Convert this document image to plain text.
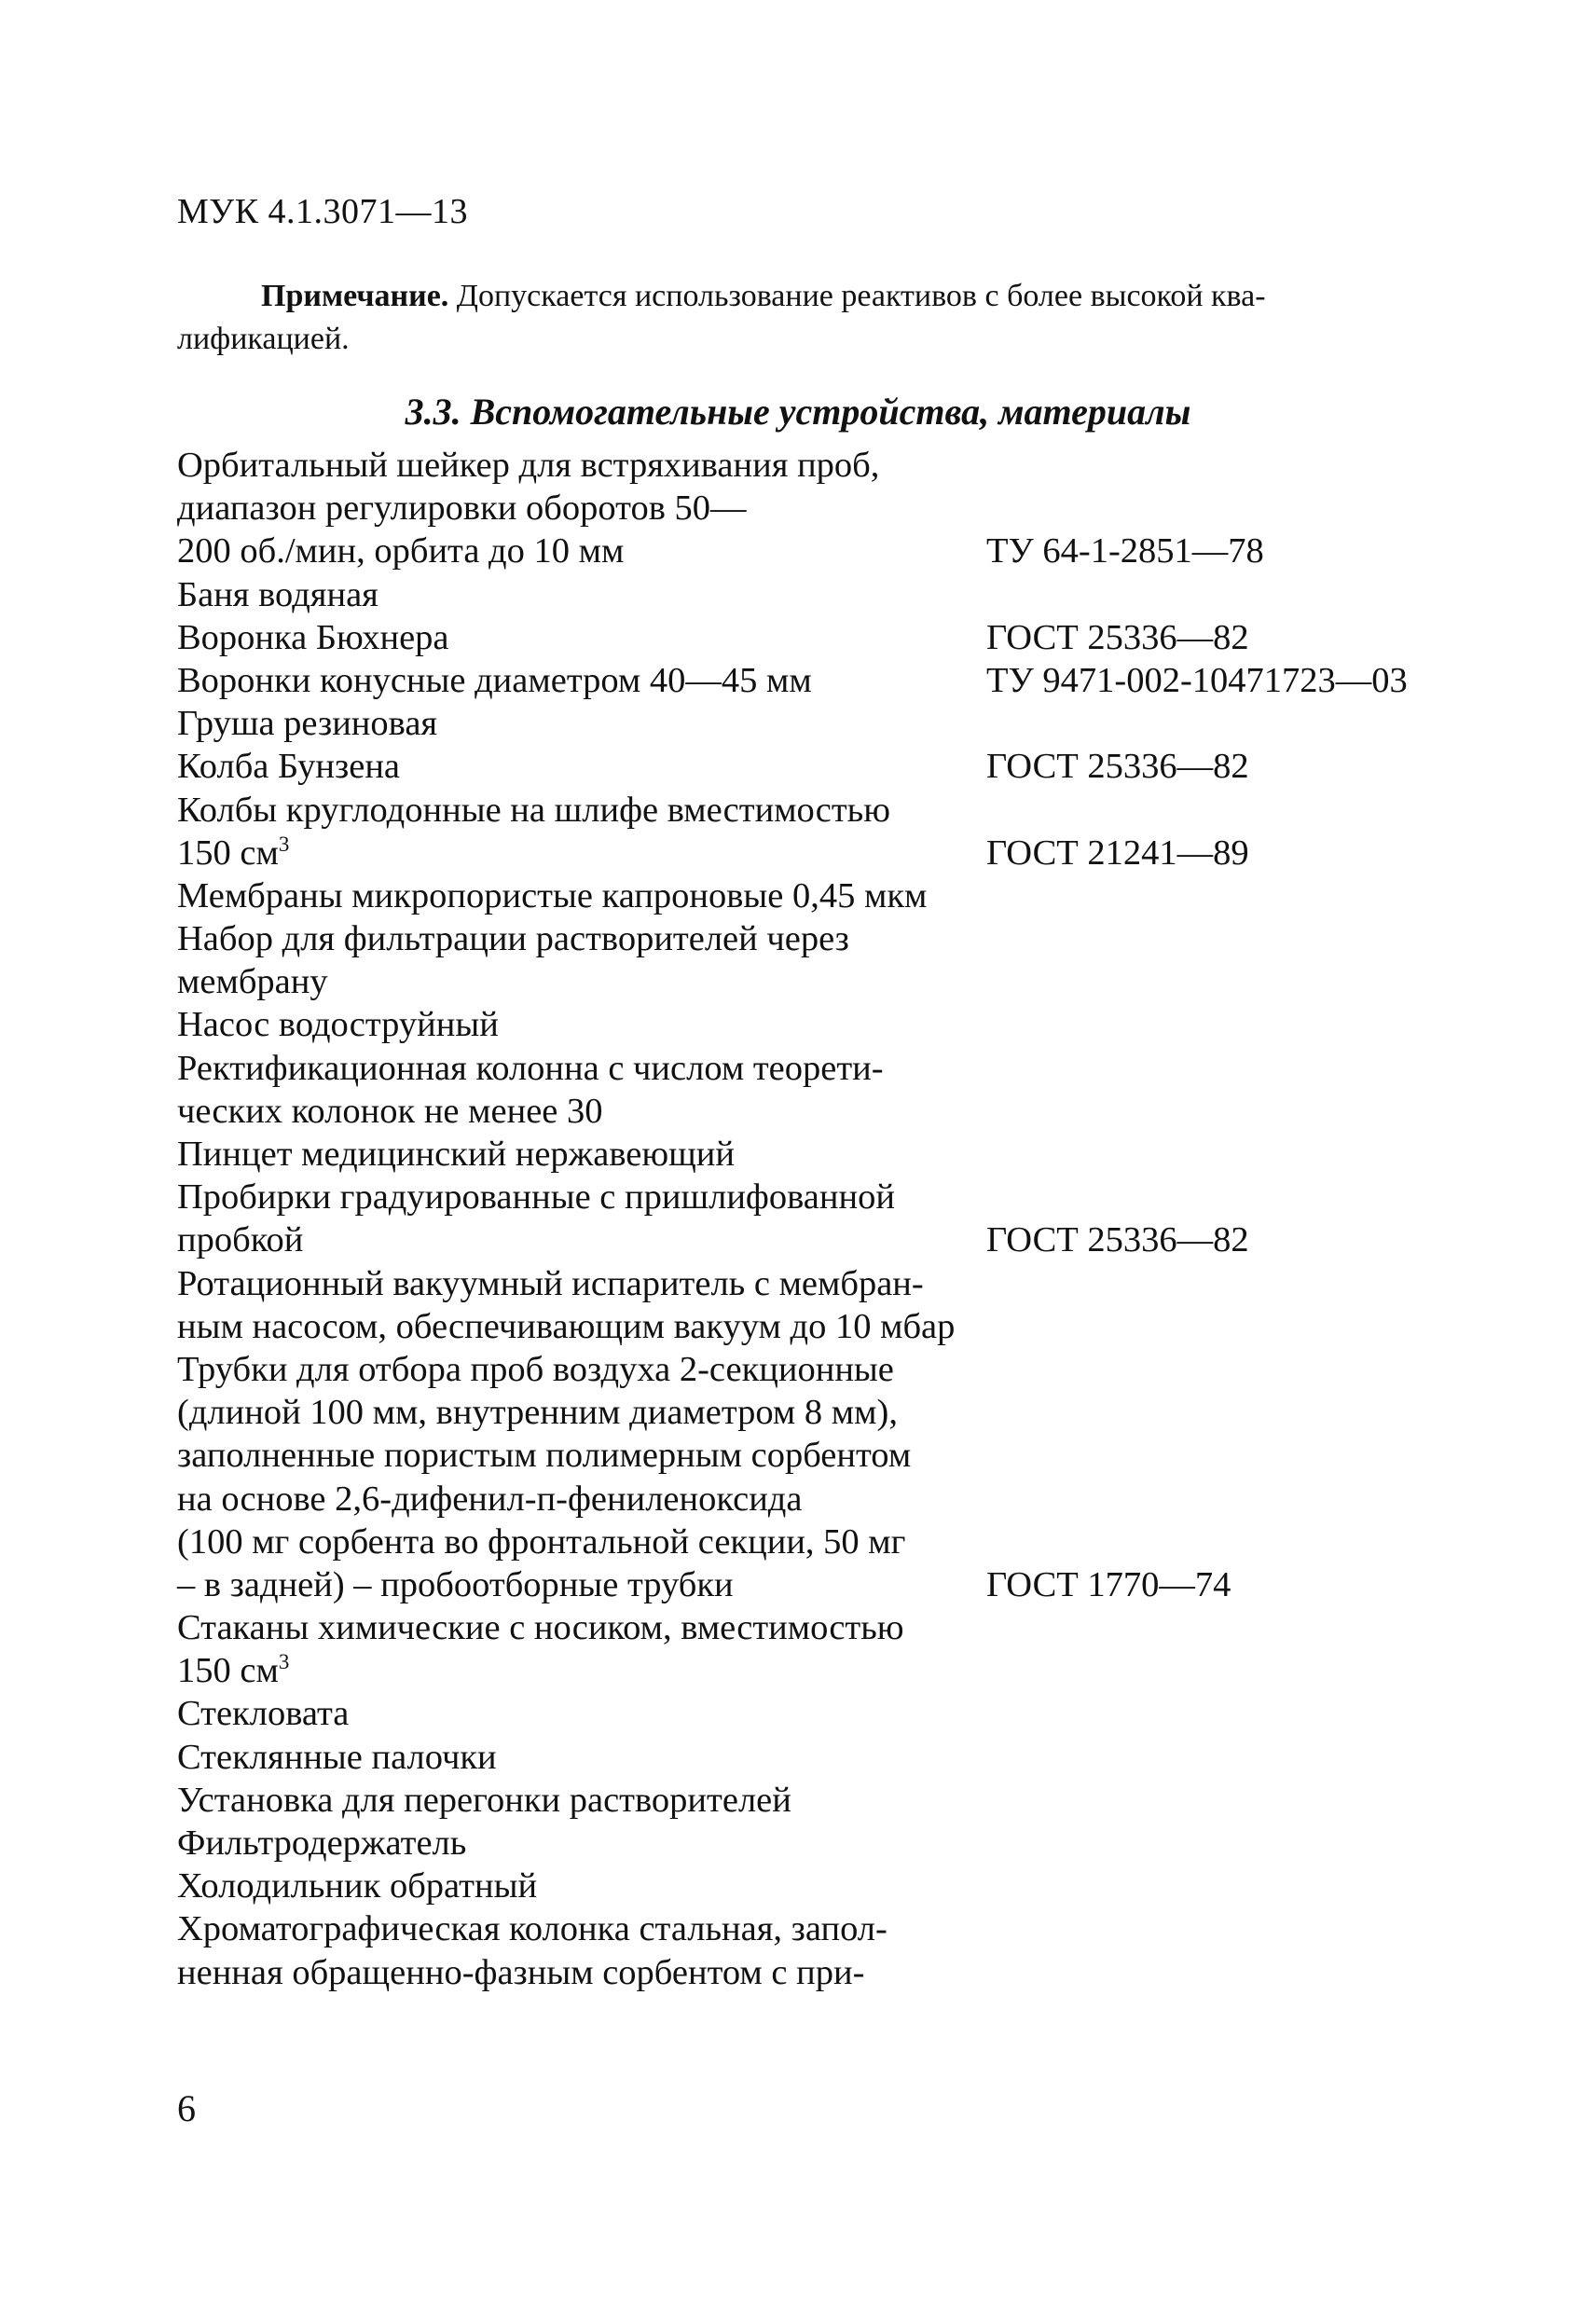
МУК 4.1.3071—13
Примечание. Допускается использование реактивов с более высокой ква-
лификацией.
3.3. Вспомогательные устройства, материалы
Орбитальный шейкер для встряхивания проб,
диапазон регулировки оборотов 50—
200 об./мин, орбита до 10 мм	ТУ 64-1-2851—78
Баня водяная
Воронка Бюхнера	ГОСТ 25336—82
Воронки конусные диаметром 40—45 мм	ТУ 9471-002-10471723—03
Груша резиновая
Колба Бунзена	ГОСТ 25336—82
Колбы круглодонные на шлифе вместимостью
150 $см^3$	ГОСТ 21241—89
Мембраны микропористые капроновые 0,45 мкм
Набор для фильтрации растворителей через
мембрану
Насос водоструйный
Ректификационная колонна с числом теорети-
ческих колонок не менее 30
Пинцет медицинский нержавеющий
Пробирки градуированные с пришлифованной
пробкой	ГОСТ 25336—82
Ротационный вакуумный испаритель с мембран-
ным насосом, обеспечивающим вакуум до 10 мбар
Трубки для отбора проб воздуха 2-секционные
(длиной 100 мм, внутренним диаметром 8 мм),
заполненные пористым полимерным сорбентом
на основе 2,6-дифенил-п-фениленоксида
(100 мг сорбента во фронтальной секции, 50 мг
– в задней) – пробоотборные трубки	ГОСТ 1770—74
Стаканы химические с носиком, вместимостью
150 $см^3$
Стекловата
Стеклянные палочки
Установка для перегонки растворителей
Фильтродержатель
Холодильник обратный
Хроматографическая колонка стальная, запол-
ненная обращенно-фазным сорбентом с при-
6
